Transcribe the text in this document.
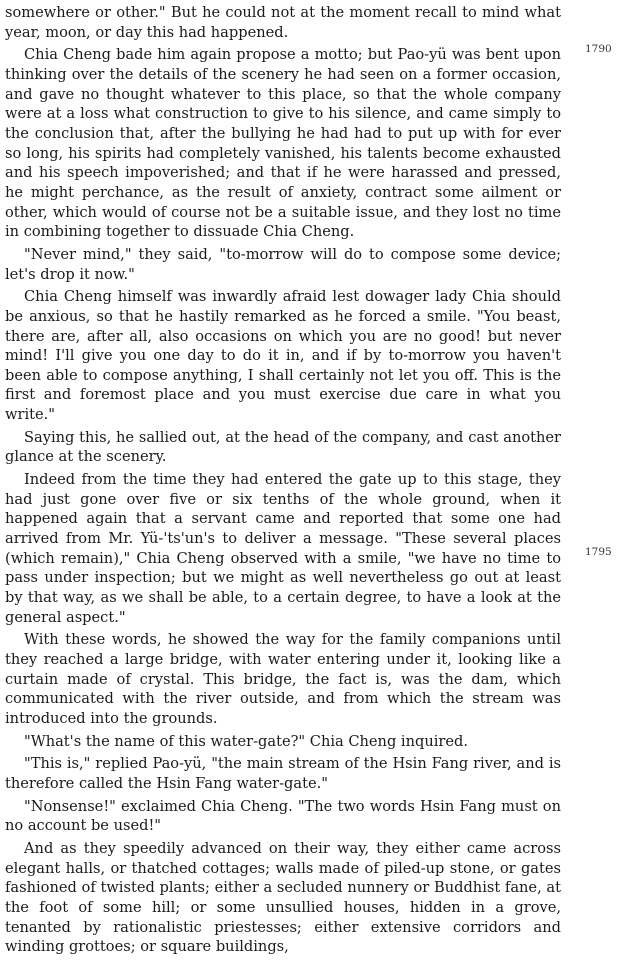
somewhere or other." But he could not at the moment recall to mind what year, moon, or day this had happened.

Chia Cheng bade him again propose a motto; but Pao-yü was bent upon thinking over the details of the scenery he had seen on a former occasion, and gave no thought whatever to this place, so that the whole company were at a loss what construction to give to his silence, and came simply to the conclusion that, after the bullying he had had to put up with for ever so long, his spirits had completely vanished, his talents become exhausted and his speech impoverished; and that if he were harassed and pressed, he might perchance, as the result of anxiety, contract some ailment or other, which would of course not be a suitable issue, and they lost no time in combining together to dissuade Chia Cheng.

"Never mind," they said, "to-morrow will do to compose some device; let's drop it now."

Chia Cheng himself was inwardly afraid lest dowager lady Chia should be anxious, so that he hastily remarked as he forced a smile. "You beast, there are, after all, also occasions on which you are no good! but never mind! I'll give you one day to do it in, and if by to-morrow you haven't been able to compose anything, I shall certainly not let you off. This is the first and foremost place and you must exercise due care in what you write."

Saying this, he sallied out, at the head of the company, and cast another glance at the scenery.

Indeed from the time they had entered the gate up to this stage, they had just gone over five or six tenths of the whole ground, when it happened again that a servant came and reported that some one had arrived from Mr. Yü-'ts'un's to deliver a message. "These several places (which remain)," Chia Cheng observed with a smile, "we have no time to pass under inspection; but we might as well nevertheless go out at least by that way, as we shall be able, to a certain degree, to have a look at the general aspect."

With these words, he showed the way for the family companions until they reached a large bridge, with water entering under it, looking like a curtain made of crystal. This bridge, the fact is, was the dam, which communicated with the river outside, and from which the stream was introduced into the grounds.

"What's the name of this water-gate?" Chia Cheng inquired.

"This is," replied Pao-yü, "the main stream of the Hsin Fang river, and is therefore called the Hsin Fang water-gate."

"Nonsense!" exclaimed Chia Cheng. "The two words Hsin Fang must on no account be used!"

And as they speedily advanced on their way, they either came across elegant halls, or thatched cottages; walls made of piled-up stone, or gates fashioned of twisted plants; either a secluded nunnery or Buddhist fane, at the foot of some hill; or some unsullied houses, hidden in a grove, tenanted by rationalistic priestesses; either extensive corridors and winding grottoes; or square buildings,

1790
1795
